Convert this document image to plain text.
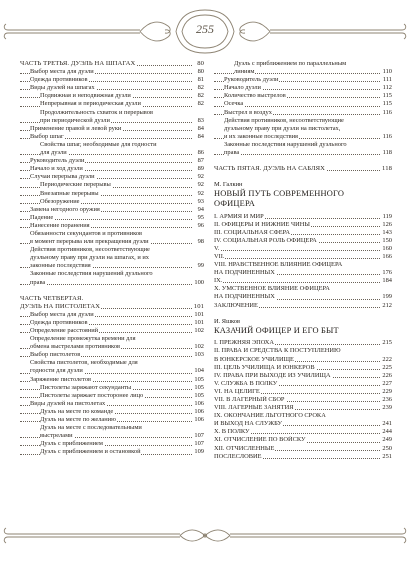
255
ЧАСТЬ ТРЕТЬЯ. ДУЭЛЬ НА ШПАГАХ	80
Выбор места для дуэли	80
Одежда противников	81
Виды дуэлей на шпагах	82
Подвижная и неподвижная дуэли	82
Непрерывная и периодическая дуэли	82
Продолжительность схваток и перерывов
при периодической дуэли	83
Применение правой и левой руки	84
Выбор шпаг	84
Свойства шпаг, необходимые для годности
для дуэли	86
Руководитель дуэли	87
Начало и ход дуэли	89
Случаи перерыва дуэли	92
Периодические перерывы	92
Внезапные перерывы	92
Обезоружение	93
Замена негодного оружия	94
Падение	95
Нанесение поранения	96
Обязанности секундантов и противников
в момент перерыва или прекращения дуэли	98
Действия противников, несоответствующие
дуэльному праву при дуэли на шпагах, и их
законные последствия	99
Законные последствия нарушений дуэльного
права	100
ЧАСТЬ ЧЕТВЕРТАЯ.
ДУЭЛЬ НА ПИСТОЛЕТАХ	101
Выбор места для дуэли	101
Одежда противников	101
Определение расстояний	102
Определение промежутка времени для
обмена выстрелами противников	102
Выбор пистолетов	103
Свойства пистолетов, необходимые для
годности для дуэли	104
Заряжение пистолетов	105
Пистолеты заряжают секунданты	105
Пистолеты заряжает посторонее лицо	105
Виды дуэлей на пистолетах	106
Дуэль на месте по команде	106
Дуэль на месте по желанию	106
Дуэль на месте с последовательными
выстрелами	107
Дуэль с приближением	107
Дуэль с приближением и остановкой	109
Дуэль с приближением по параллельным
линиям	110
Руководитель дуэли	111
Начало дуэли	112
Количество выстрелов	115
Осечка	115
Выстрел в воздух	116
Действия противников, несоответствующие
дуэльному праву при дуэли на пистолетах,
и их законные последствия	116
Законные последствия нарушений дуэльного
права	118
ЧАСТЬ ПЯТАЯ. ДУЭЛЬ НА САБЛЯХ	118
М. Галкин
НОВЫЙ ПУТЬ СОВРЕМЕННОГО
ОФИЦЕРА
I. АРМИЯ И МИР	119
II. ОФИЦЕРЫ И НИЖНИЕ ЧИНЫ	126
III. СОЦИАЛЬНАЯ СФЕРА	143
IV. СОЦИАЛЬНАЯ РОЛЬ ОФИЦЕРА	150
V.	160
VII.	166
VIII. НРАВСТВЕННОЕ ВЛИЯНИЕ ОФИЦЕРА
НА ПОДЧИНЕННЫХ	176
IX.	184
X. УМСТВЕННОЕ ВЛИЯНИЕ ОФИЦЕРА
НА ПОДЧИНЕННЫХ	199
ЗАКЛЮЧЕНИЕ	212
И. Яшков
КАЗАЧИЙ ОФИЦЕР И ЕГО БЫТ
I. ПРЕЖНЯЯ ЭПОХА	215
II. ПРАВА И СРЕДСТВА К ПОСТУПЛЕНИЮ
В ЮНКЕРСКОЕ УЧИЛИЩЕ	222
III. ЦЕЛЬ УЧИЛИЩА И ЮНКЕРОВ	225
IV. ПРАВА ПРИ ВЫХОДЕ ИЗ УЧИЛИЩА	226
V. СЛУЖБА В ПОЛКУ	227
VI. НА ЦЕЛИГЕ	229
VII. В ЛАГЕРНЫЙ СБОР	236
VIII. ЛАГЕРНЫЕ ЗАНЯТИЯ	239
IX. ОКОНЧАНИЕ ЛЬГОТНОГО СРОКА
И ВЫХОД НА СЛУЖБУ	241
X. В ПОЛКУ	244
XI. ОТЧИСЛЕНИЕ ПО ВОЙСКУ	249
XII. ОТЧИСЛЕННЫЕ	250
ПОСЛЕСЛОВИЕ	251
